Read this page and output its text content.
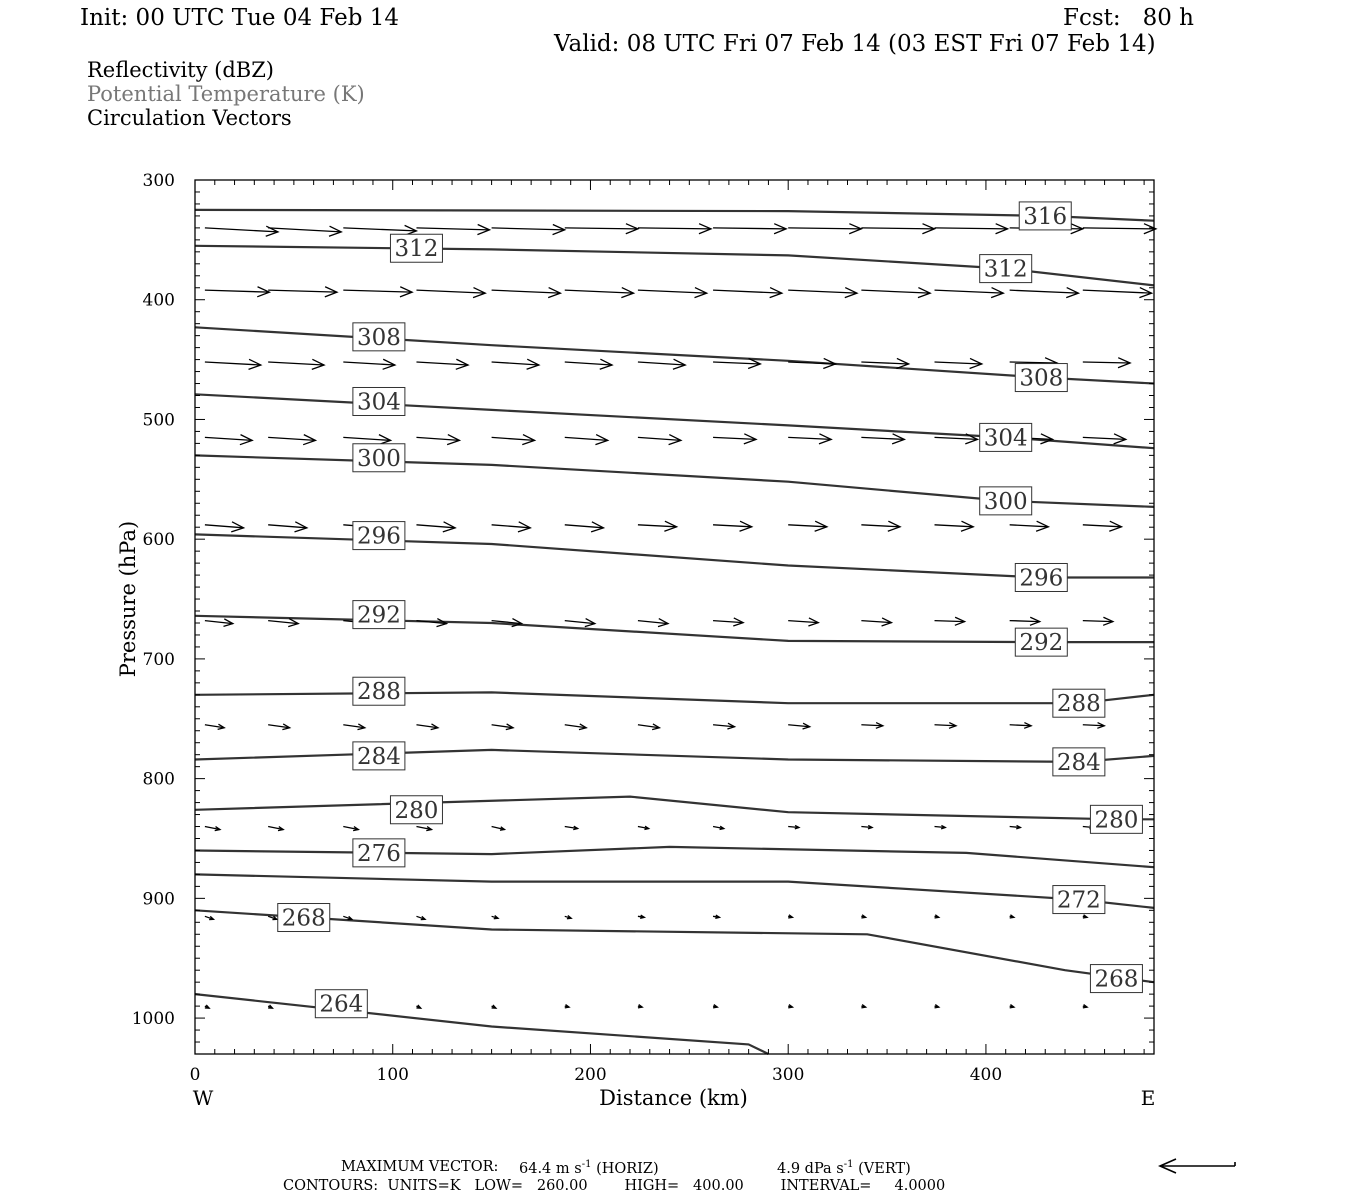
Init: 00 UTC Tue 04 Feb 14	Fcst:   80 h
Valid: 08 UTC Fri 07 Feb 14 (03 EST Fri 07 Feb 14)
Reflectivity (dBZ)
Potential Temperature (K)
Circulation Vectors
316
312
312
308
308
304
304
300
300
296
296
292
292
288	288
284	284
280	280
276
272
268
268
264
0	100	200	300	400
300
400
500
600
700
800
900
1000
W	E
Distance (km)
Pressure (hPa)
MAXIMUM VECTOR: 64.4 m $s^{-1}$ (HORIZ)	4.9 dPa $s^{-1}$ (VERT)
CONTOURS:  UNITS=K   LOW=   260.00        HIGH=   400.00        INTERVAL=     4.0000
